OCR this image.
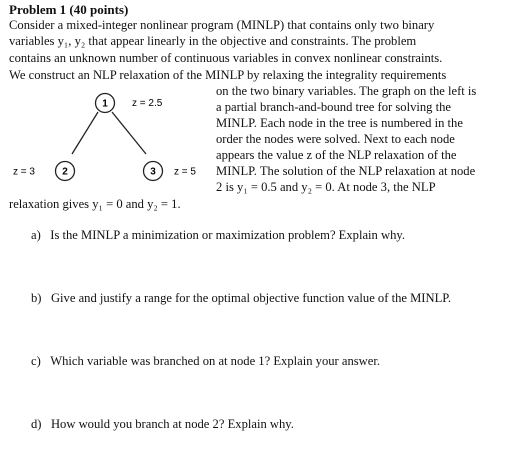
Problem 1 (40 points)
Consider a mixed-integer nonlinear program (MINLP) that contains only two binary
variables y₁, y₂ that appear linearly in the objective and constraints. The problem
contains an unknown number of continuous variables in convex nonlinear constraints.
We construct an NLP relaxation of the MINLP by relaxing the integrality requirements
on the two binary variables. The graph on the left is
a partial branch-and-bound tree for solving the
MINLP. Each node in the tree is numbered in the
order the nodes were solved. Next to each node
appears the value z of the NLP relaxation of the
MINLP. The solution of the NLP relaxation at node
2 is y₁ = 0.5 and y₂ = 0. At node 3, the NLP
relaxation gives y₁ = 0 and y₂ = 1.
1 z = 2.5
2
z = 3	3 z = 5
a) Is the MINLP a minimization or maximization problem? Explain why.
b) Give and justify a range for the optimal objective function value of the MINLP.
c) Which variable was branched on at node 1? Explain your answer.
d) How would you branch at node 2? Explain why.
